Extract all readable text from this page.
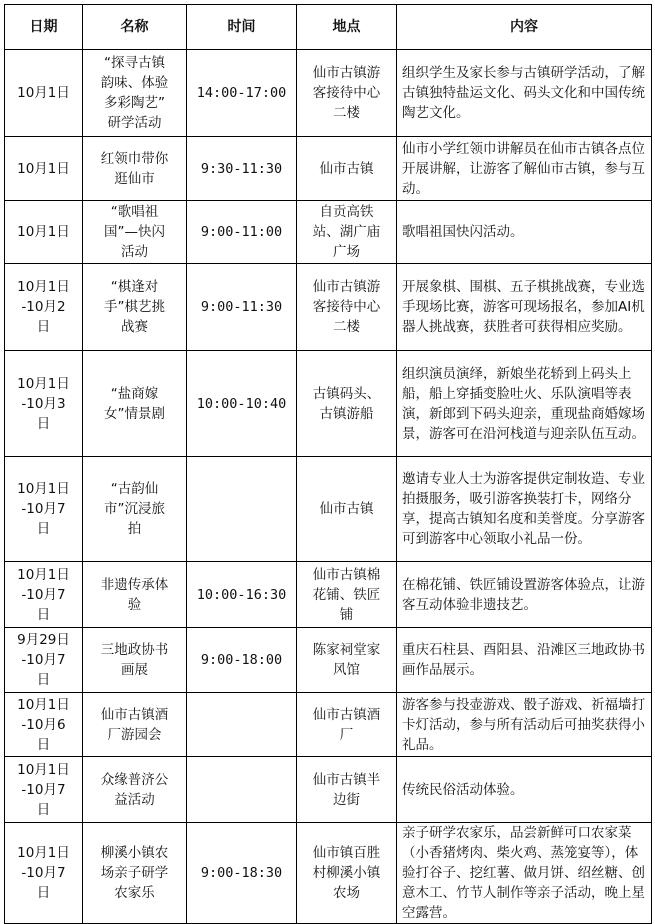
日期	名称	时间	地点	内容

10月1日	“探寻古镇
韵味、体验
多彩陶艺”
研学活动	14:00-17:00	仙市古镇游
客接待中心
二楼	组织学生及家长参与古镇研学活动，了解古镇独特盐运文化、码头文化和中国传统陶艺文化。

10月1日	红领巾带你
逛仙市	9:30-11:30	仙市古镇	仙市小学红领巾讲解员在仙市古镇各点位开展讲解，让游客了解仙市古镇，参与互动。

10月1日	“歌唱祖
国”—快闪
活动	9:00-11:00	自贡高铁
站、湖广庙
广场	歌唱祖国快闪活动。

10月1日
-10月2
日	“棋逢对
手”棋艺挑
战赛	9:00-11:30	仙市古镇游
客接待中心
二楼	开展象棋、围棋、五子棋挑战赛，专业选手现场比赛，游客可现场报名，参加AI机器人挑战赛，获胜者可获得相应奖励。

10月1日
-10月3
日	“盐商嫁
女”情景剧	10:00-10:40	古镇码头、
古镇游船	组织演员演绎，新娘坐花轿到上码头上船，船上穿插变脸吐火、乐队演唱等表演，新郎到下码头迎亲，重现盐商婚嫁场景，游客可在沿河栈道与迎亲队伍互动。

10月1日
-10月7
日	“古韵仙
市”沉浸旅
拍		仙市古镇	邀请专业人士为游客提供定制妆造、专业拍摄服务，吸引游客换装打卡，网络分享，提高古镇知名度和美誉度。分享游客可到游客中心领取小礼品一份。

10月1日
-10月7
日	非遗传承体
验	10:00-16:30	仙市古镇棉
花铺、铁匠
铺	在棉花铺、铁匠铺设置游客体验点，让游客互动体验非遗技艺。

9月29日
-10月7
日	三地政协书
画展	9:00-18:00	陈家祠堂家
风馆	重庆石柱县、酉阳县、沿滩区三地政协书画作品展示。

10月1日
-10月6
日	仙市古镇酒
厂游园会		仙市古镇酒
厂	游客参与投壶游戏、骰子游戏、祈福墙打卡灯活动，参与所有活动后可抽奖获得小礼品。

10月1日
-10月7
日	众缘普济公
益活动		仙市古镇半
边街	传统民俗活动体验。

10月1日
-10月7
日	柳溪小镇农
场亲子研学
农家乐	9:00-18:30	仙市镇百胜
村柳溪小镇
农场	亲子研学农家乐，品尝新鲜可口农家菜（小香猪烤肉、柴火鸡、蒸笼宴等），体验打谷子、挖红薯、做月饼、绍丝糖、创意木工、竹节人制作等亲子活动，晚上星空露营。
